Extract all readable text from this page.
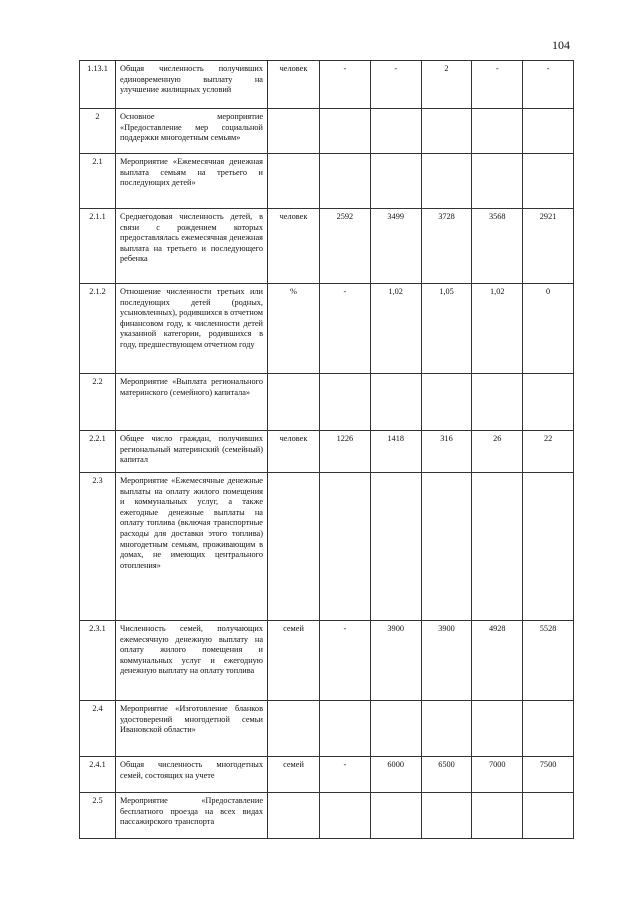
104
1.13.1	Общая численность получивших единовременную выплату на улучшение жилищных условий	человек	-	-	2	-	-
2	Основное мероприятие «Предоставление мер социальной поддержки многодетным семьям»						
2.1	Мероприятие «Ежемесячная денежная выплата семьям на третьего и последующих детей»						
2.1.1	Среднегодовая численность детей, в связи с рождением которых предоставлялась ежемесячная денежная выплата на третьего и последующего ребенка	человек	2592	3499	3728	3568	2921
2.1.2	Отношение численности третьих или последующих детей (родных, усыновленных), родившихся в отчетном финансовом году, к численности детей указанной категории, родившихся в году, предшествующем отчетном году	%	-	1,02	1,05	1,02	0
2.2	Мероприятие «Выплата регионального материнского (семейного) капитала»						
2.2.1	Общее число граждан, получивших региональный материнский (семейный) капитал	человек	1226	1418	316	26	22
2.3	Мероприятие «Ежемесячные денежные выплаты на оплату жилого помещения и коммунальных услуг, а также ежегодные денежные выплаты на оплату топлива (включая транспортные расходы для доставки этого топлива) многодетным семьям, проживающим в домах, не имеющих центрального отопления»						
2.3.1	Численность семей, получающих ежемесячную денежную выплату на оплату жилого помещения и коммунальных услуг и ежегодную денежную выплату на оплату топлива	семей	-	3900	3900	4928	5528
2.4	Мероприятие «Изготовление бланков удостоверений многодетной семьи Ивановской области»						
2.4.1	Общая численность многодетных семей, состоящих на учете	семей	-	6000	6500	7000	7500
2.5	Мероприятие «Предоставление бесплатного проезда на всех видах пассажирского транспорта						
